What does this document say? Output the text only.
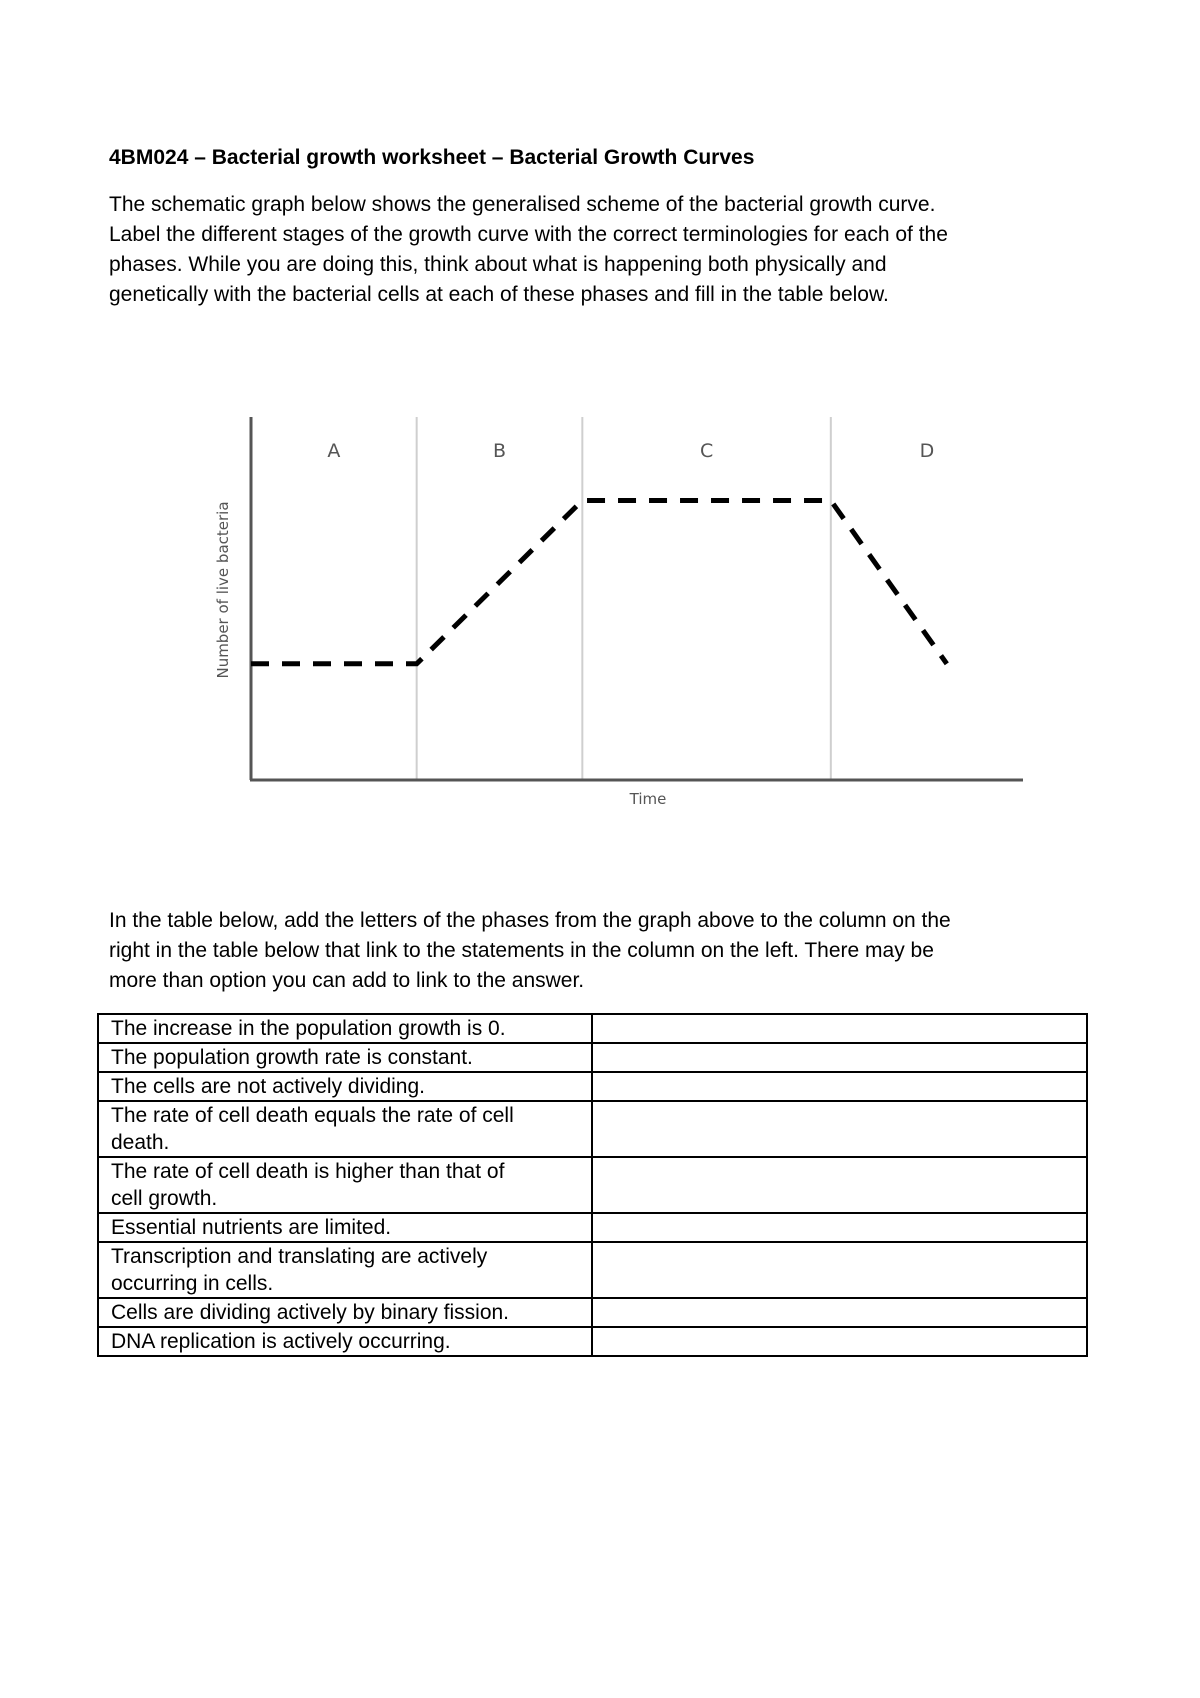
4BM024 – Bacterial growth worksheet – Bacterial Growth Curves

The schematic graph below shows the generalised scheme of the bacterial growth curve.
Label the different stages of the growth curve with the correct terminologies for each of the
phases. While you are doing this, think about what is happening both physically and
genetically with the bacterial cells at each of these phases and fill in the table below.

A	B	C	D
Time
Number of live bacteria

In the table below, add the letters of the phases from the graph above to the column on the
right in the table below that link to the statements in the column on the left. There may be
more than option you can add to link to the answer.

The increase in the population growth is 0.	
The population growth rate is constant.	
The cells are not actively dividing.	
The rate of cell death equals the rate of cell
death.	
The rate of cell death is higher than that of
cell growth.	
Essential nutrients are limited.	
Transcription and translating are actively
occurring in cells.	
Cells are dividing actively by binary fission.	
DNA replication is actively occurring.	
